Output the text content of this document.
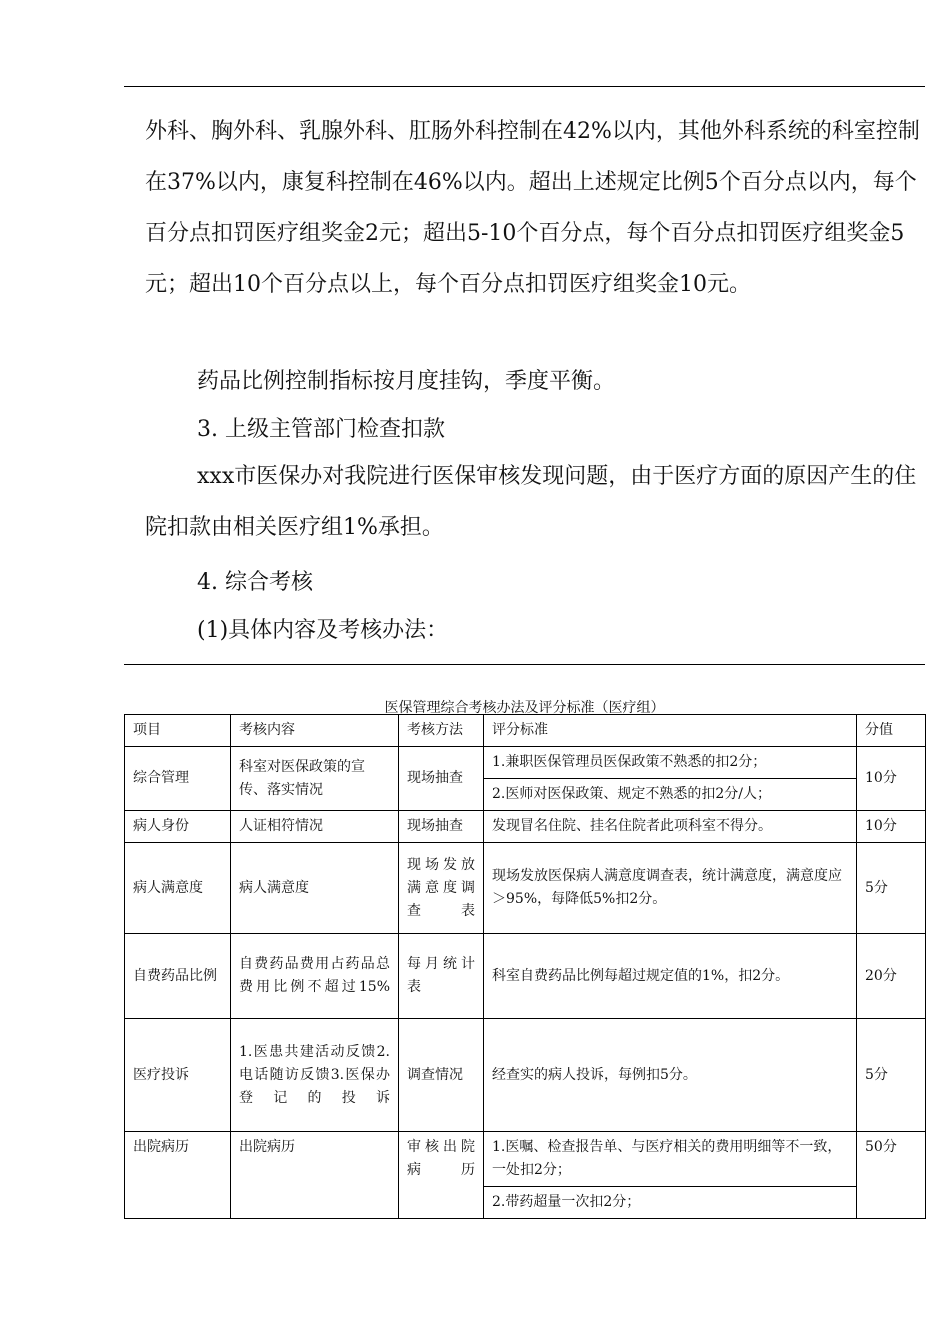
外科、胸外科、乳腺外科、肛肠外科控制在42%以内，其他外科系统的科室控制在37%以内，康复科控制在46%以内。超出上述规定比例5个百分点以内，每个百分点扣罚医疗组奖金2元；超出5-10个百分点，每个百分点扣罚医疗组奖金5元；超出10个百分点以上，每个百分点扣罚医疗组奖金10元。

药品比例控制指标按月度挂钩，季度平衡。
3. 上级主管部门检查扣款

xxx市医保办对我院进行医保审核发现问题，由于医疗方面的原因产生的住院扣款由相关医疗组1%承担。

4. 综合考核
(1)具体内容及考核办法：
医保管理综合考核办法及评分标准（医疗组）
项目	考核内容	考核方法	评分标准	分值
综合管理	科室对医保政策的宣传、落实情况	现场抽查	1.兼职医保管理员医保政策不熟悉的扣2分；
2.医师对医保政策、规定不熟悉的扣2分/人；	10分
病人身份	人证相符情况	现场抽查	发现冒名住院、挂名住院者此项科室不得分。	10分
病人满意度	病人满意度	现场发放满意度调查表	现场发放医保病人满意度调查表，统计满意度，满意度应＞95%，每降低5%扣2分。	5分
自费药品比例	自费药品费用占药品总费用比例不超过15%	每月统计表	科室自费药品比例每超过规定值的1%，扣2分。	20分
医疗投诉	1.医患共建活动反馈2.电话随访反馈3.医保办登记的投诉	调查情况	经查实的病人投诉，每例扣5分。	5分
出院病历	出院病历	审核出院病历	1.医嘱、检查报告单、与医疗相关的费用明细等不一致，一处扣2分；
2.带药超量一次扣2分；	50分
